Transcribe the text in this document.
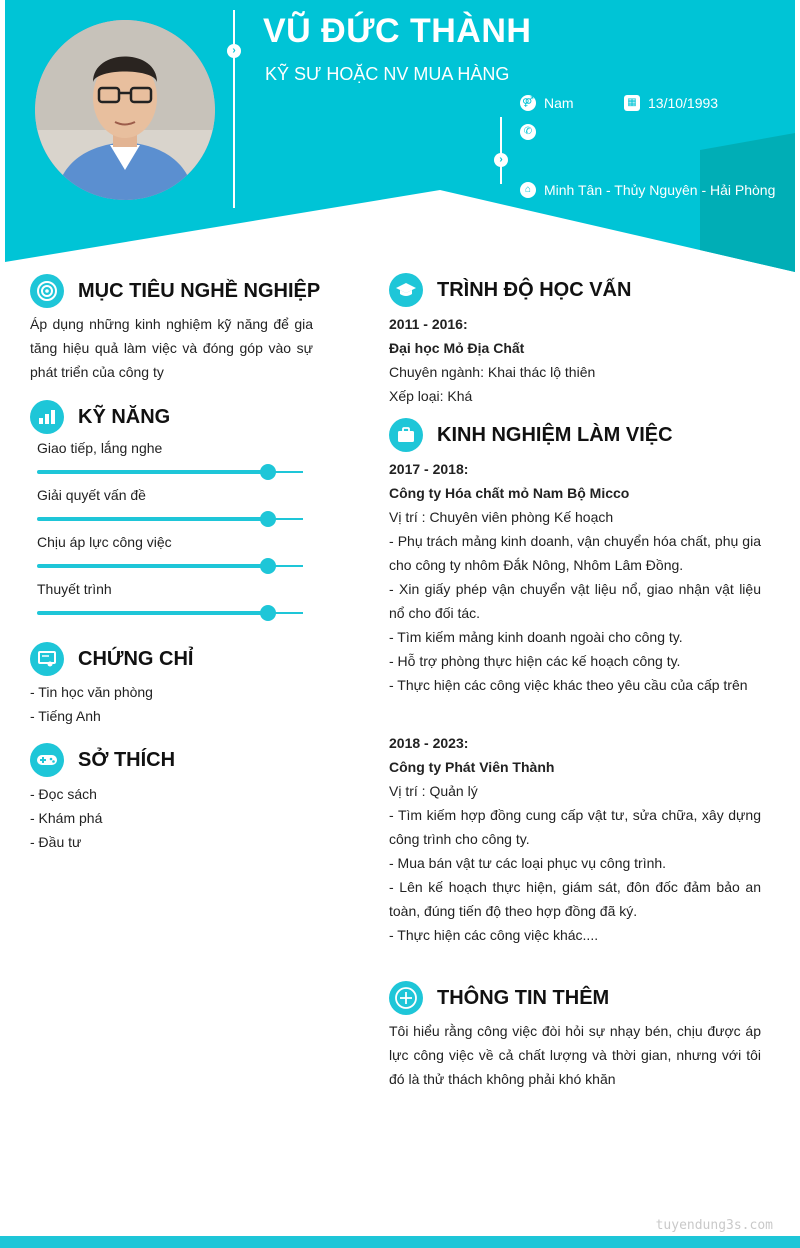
›
VŨ ĐỨC THÀNH
KỸ SƯ HOẶC NV MUA HÀNG
›
⚤ Nam	▦ 13/10/1993
✆
⌂ Minh Tân - Thủy Nguyên - Hải Phòng
MỤC TIÊU NGHỀ NGHIỆP
Áp dụng những kinh nghiệm kỹ năng để gia tăng hiệu quả làm việc và đóng góp vào sự phát triển của công ty
KỸ NĂNG
Giao tiếp, lắng nghe
Giải quyết vấn đề
Chịu áp lực công việc
Thuyết trình
CHỨNG CHỈ
- Tin học văn phòng
- Tiếng Anh
SỞ THÍCH
- Đọc sách
- Khám phá
- Đầu tư
TRÌNH ĐỘ HỌC VẤN
2011 - 2016:
Đại học Mỏ Địa Chất
Chuyên ngành: Khai thác lộ thiên
Xếp loại: Khá
KINH NGHIỆM LÀM VIỆC
2017 - 2018:
Công ty Hóa chất mỏ Nam Bộ Micco
Vị trí : Chuyên viên phòng Kế hoạch
- Phụ trách mảng kinh doanh, vận chuyển hóa chất, phụ gia cho công ty nhôm Đắk Nông, Nhôm Lâm Đồng.
- Xin giấy phép vận chuyển vật liệu nổ, giao nhận vật liệu nổ cho đối tác.
- Tìm kiếm mảng kinh doanh ngoài cho công ty.
- Hỗ trợ phòng thực hiện các kế hoạch công ty.
- Thực hiện các công việc khác theo yêu cầu của cấp trên
2018 - 2023:
Công ty Phát Viên Thành
Vị trí : Quản lý
- Tìm kiếm hợp đồng cung cấp vật tư, sửa chữa, xây dựng công trình cho công ty.
- Mua bán vật tư các loại phục vụ công trình.
- Lên kế hoạch thực hiện, giám sát, đôn đốc đảm bảo an toàn, đúng tiến độ theo hợp đồng đã ký.
- Thực hiện các công việc khác....
THÔNG TIN THÊM
Tôi hiểu rằng công việc đòi hỏi sự nhạy bén, chịu được áp lực công việc về cả chất lượng và thời gian, nhưng với tôi đó là thử thách không phải khó khăn
tuyendung3s.com
